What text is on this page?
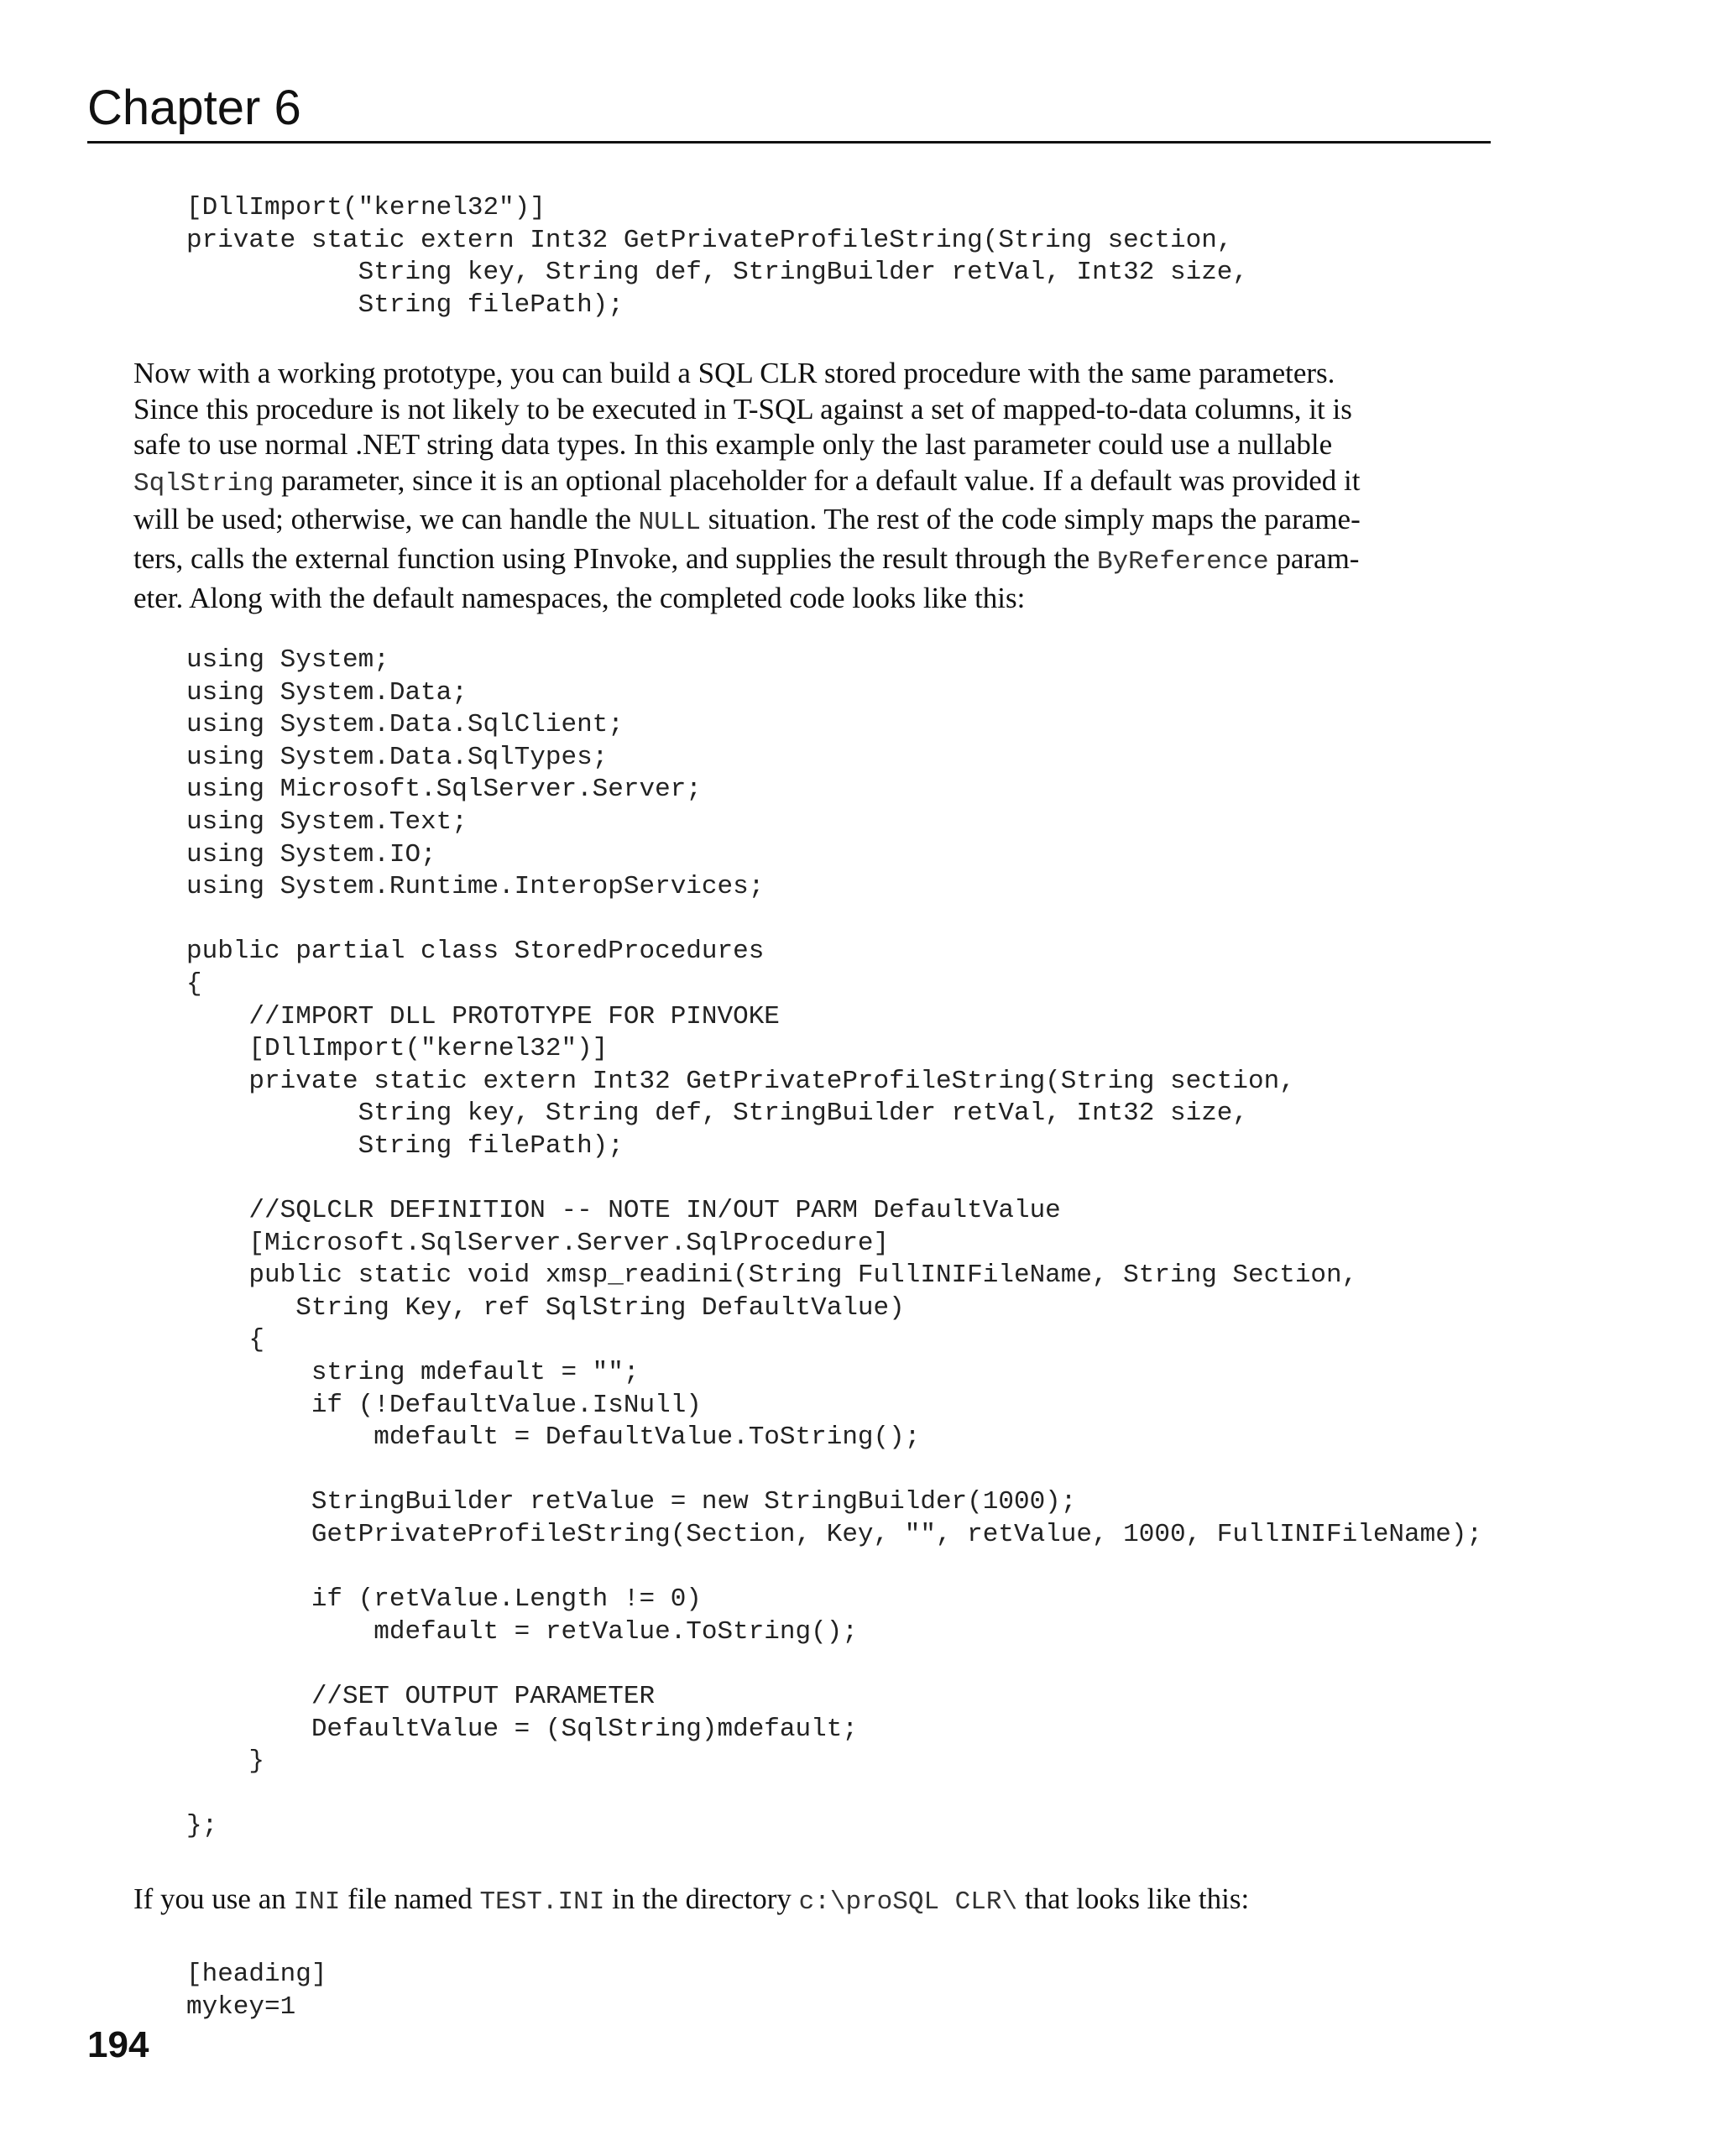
Chapter 6
[DllImport("kernel32")]
private static extern Int32 GetPrivateProfileString(String section,
String key, String def, StringBuilder retVal, Int32 size,
String filePath);
Now with a working prototype, you can build a SQL CLR stored procedure with the same parameters.
Since this procedure is not likely to be executed in T-SQL against a set of mapped-to-data columns, it is
safe to use normal .NET string data types. In this example only the last parameter could use a nullable
SqlString parameter, since it is an optional placeholder for a default value. If a default was provided it
will be used; otherwise, we can handle the NULL situation. The rest of the code simply maps the parame-
ters, calls the external function using PInvoke, and supplies the result through the ByReference param-
eter. Along with the default namespaces, the completed code looks like this:
using System;
using System.Data;
using System.Data.SqlClient;
using System.Data.SqlTypes;
using Microsoft.SqlServer.Server;
using System.Text;
using System.IO;
using System.Runtime.InteropServices;

public partial class StoredProcedures
{
//IMPORT DLL PROTOTYPE FOR PINVOKE
[DllImport("kernel32")]
private static extern Int32 GetPrivateProfileString(String section,
String key, String def, StringBuilder retVal, Int32 size,
String filePath);

//SQLCLR DEFINITION -- NOTE IN/OUT PARM DefaultValue
[Microsoft.SqlServer.Server.SqlProcedure]
public static void xmsp_readini(String FullINIFileName, String Section,
String Key, ref SqlString DefaultValue)
{
string mdefault = "";
if (!DefaultValue.IsNull)
mdefault = DefaultValue.ToString();

StringBuilder retValue = new StringBuilder(1000);
GetPrivateProfileString(Section, Key, "", retValue, 1000, FullINIFileName);

if (retValue.Length != 0)
mdefault = retValue.ToString();

//SET OUTPUT PARAMETER
DefaultValue = (SqlString)mdefault;
}

};
If you use an INI file named TEST.INI in the directory c:\proSQL CLR\ that looks like this:
[heading]
mykey=1
194
